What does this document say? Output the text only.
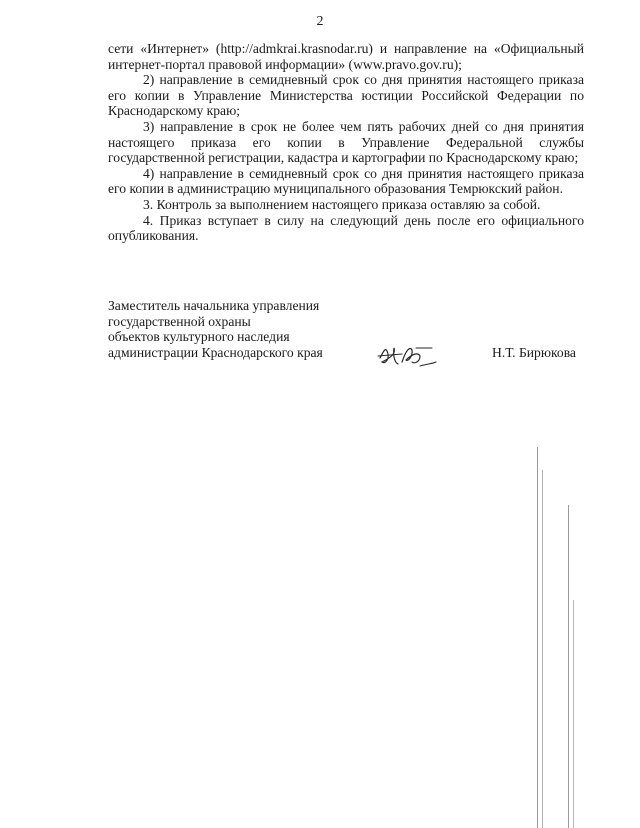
2

сети «Интернет» (http://admkrai.krasnodar.ru) и направление на «Официальный интернет-портал правовой информации» (www.pravo.gov.ru);

2) направление в семидневный срок со дня принятия настоящего приказа его копии в Управление Министерства юстиции Российской Федерации по Краснодарскому краю;

3) направление в срок не более чем пять рабочих дней со дня принятия настоящего приказа его копии в Управление Федеральной службы государственной регистрации, кадастра и картографии по Краснодарскому краю;

4) направление в семидневный срок со дня принятия настоящего приказа его копии в администрацию муниципального образования Темрюкский район.

3. Контроль за выполнением настоящего приказа оставляю за собой.

4. Приказ вступает в силу на следующий день после его официального опубликования.

Заместитель начальника управления
государственной охраны
объектов культурного наследия
администрации Краснодарского края	Н.Т. Бирюкова
